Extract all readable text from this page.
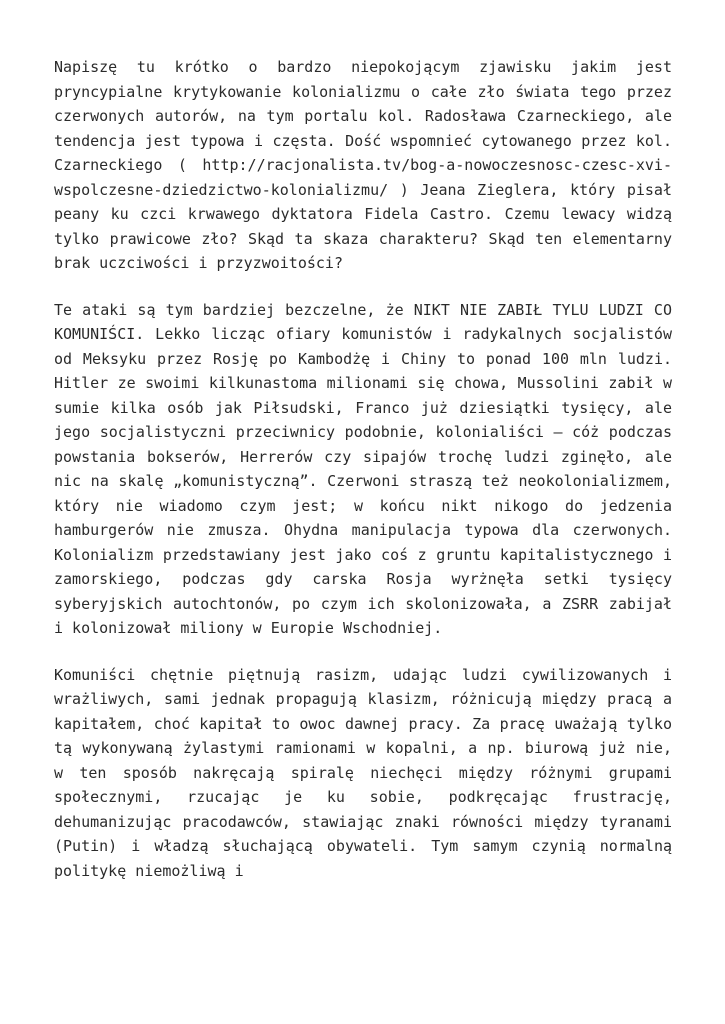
Napiszę tu krótko o bardzo niepokojącym zjawisku jakim jest pryncypialne krytykowanie kolonializmu o całe zło świata tego przez czerwonych autorów, na tym portalu kol. Radosława Czarneckiego, ale tendencja jest typowa i częsta. Dość wspomnieć cytowanego przez kol. Czarneckiego ( http://racjonalista.tv/bog-a-nowoczesnosc-czesc-xvi-wspolczesne-dziedzictwo-kolonializmu/ ) Jeana Zieglera, który pisał peany ku czci krwawego dyktatora Fidela Castro. Czemu lewacy widzą tylko prawicowe zło? Skąd ta skaza charakteru? Skąd ten elementarny brak uczciwości i przyzwoitości?

Te ataki są tym bardziej bezczelne, że NIKT NIE ZABIŁ TYLU LUDZI CO KOMUNIŚCI. Lekko licząc ofiary komunistów i radykalnych socjalistów od Meksyku przez Rosję po Kambodżę i Chiny to ponad 100 mln ludzi. Hitler ze swoimi kilkunastoma milionami się chowa, Mussolini zabił w sumie kilka osób jak Piłsudski, Franco już dziesiątki tysięcy, ale jego socjalistyczni przeciwnicy podobnie, kolonialiści – cóż podczas powstania bokserów, Herrerów czy sipajów trochę ludzi zginęło, ale nic na skalę „komunistyczną”. Czerwoni straszą też neokolonializmem, który nie wiadomo czym jest; w końcu nikt nikogo do jedzenia hamburgerów nie zmusza. Ohydna manipulacja typowa dla czerwonych. Kolonializm przedstawiany jest jako coś z gruntu kapitalistycznego i zamorskiego, podczas gdy carska Rosja wyrżnęła setki tysięcy syberyjskich autochtonów, po czym ich skolonizowała, a ZSRR zabijał i kolonizował miliony w Europie Wschodniej.

Komuniści chętnie piętnują rasizm, udając ludzi cywilizowanych i wrażliwych, sami jednak propagują klasizm, różnicują między pracą a kapitałem, choć kapitał to owoc dawnej pracy. Za pracę uważają tylko tą wykonywaną żylastymi ramionami w kopalni, a np. biurową już nie, w ten sposób nakręcają spiralę niechęci między różnymi grupami społecznymi, rzucając je ku sobie, podkręcając frustrację, dehumanizując pracodawców, stawiając znaki równości między tyranami (Putin) i władzą słuchającą obywateli. Tym samym czynią normalną politykę niemożliwą i
